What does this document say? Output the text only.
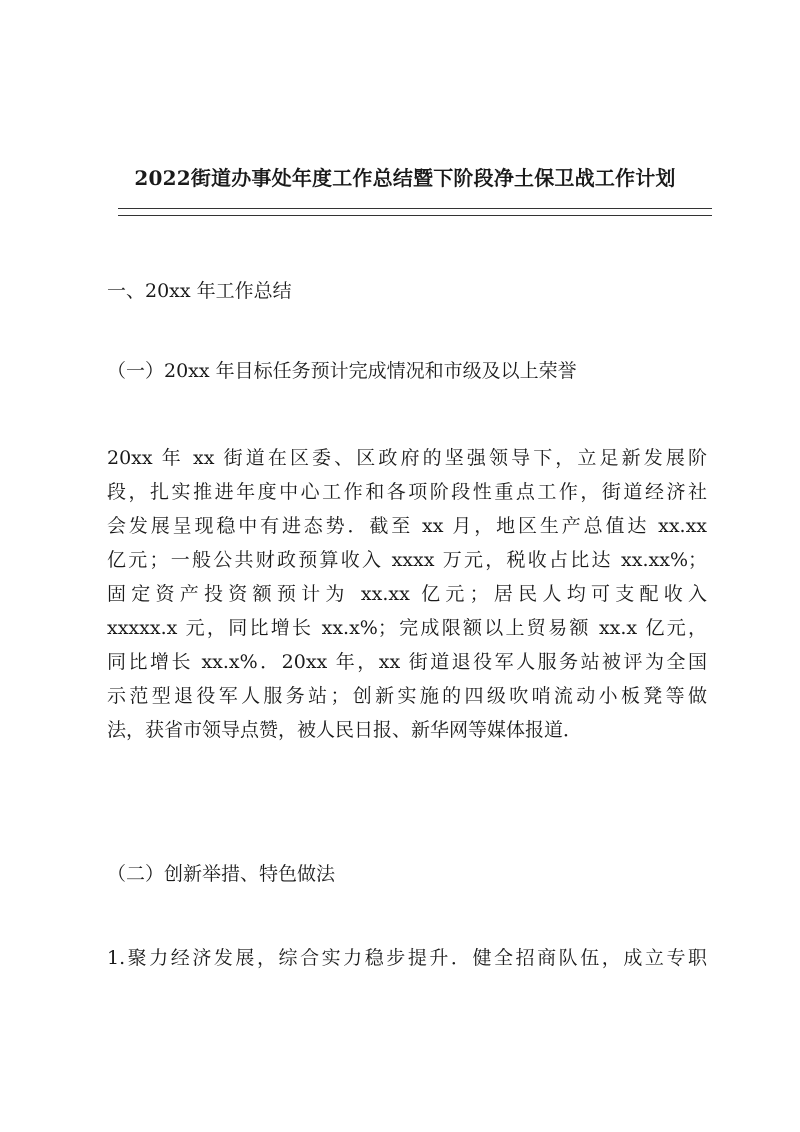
2022街道办事处年度工作总结暨下阶段净土保卫战工作计划
一、20xx 年工作总结
（一）20xx 年目标任务预计完成情况和市级及以上荣誉
20xx 年 xx 街道在区委、区政府的坚强领导下，立足新发展阶
段，扎实推进年度中心工作和各项阶段性重点工作，街道经济社
会发展呈现稳中有进态势．截至 xx 月，地区生产总值达 xx.xx
亿元；一般公共财政预算收入 xxxx 万元，税收占比达 xx.xx%；
固定资产投资额预计为 xx.xx 亿元；居民人均可支配收入
xxxxx.x 元，同比增长 xx.x%；完成限额以上贸易额 xx.x 亿元，
同比增长 xx.x%．20xx 年，xx 街道退役军人服务站被评为全国
示范型退役军人服务站；创新实施的四级吹哨流动小板凳等做
法，获省市领导点赞，被人民日报、新华网等媒体报道．
（二）创新举措、特色做法
1.聚力经济发展，综合实力稳步提升．健全招商队伍，成立专职
